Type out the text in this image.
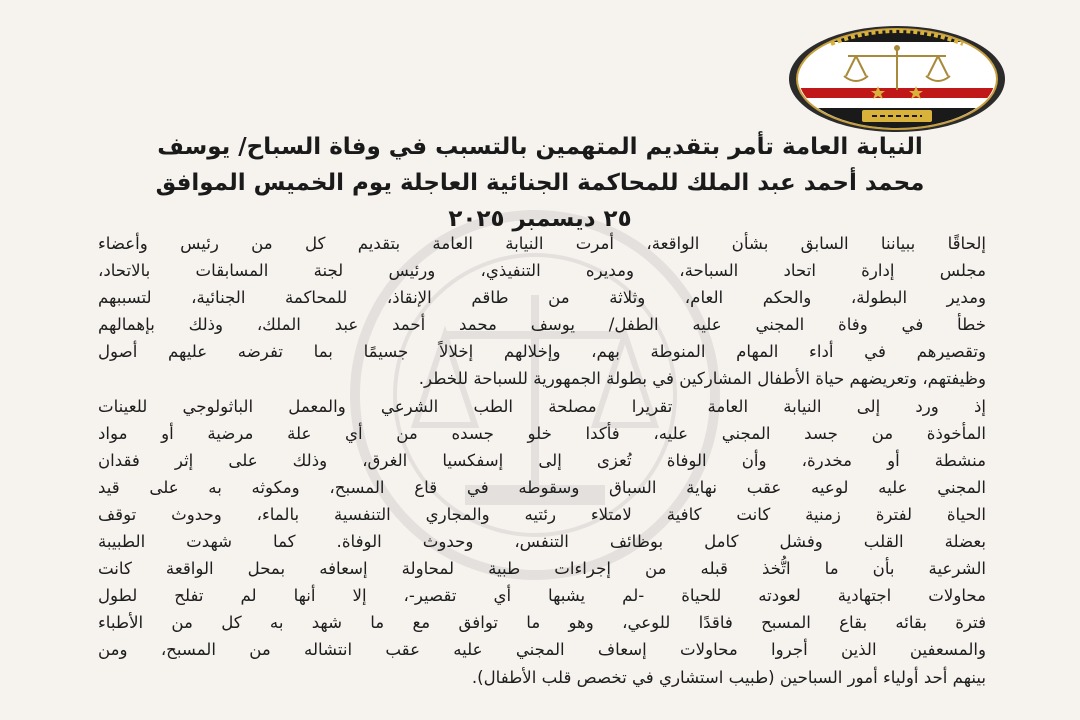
النيابة العامة تأمر بتقديم المتهمين بالتسبب في وفاة السباح/ يوسف
محمد أحمد عبد الملك للمحاكمة الجنائية العاجلة يوم الخميس الموافق
٢٥ ديسمبر ٢٠٢٥
إلحاقًا ببياننا السابق بشأن الواقعة، أمرت النيابة العامة بتقديم كل من رئيس وأعضاء
مجلس إدارة اتحاد السباحة، ومديره التنفيذي، ورئيس لجنة المسابقات بالاتحاد،
ومدير البطولة، والحكم العام، وثلاثة من طاقم الإنقاذ، للمحاكمة الجنائية، لتسببهم
خطأ في وفاة المجني عليه الطفل/ يوسف محمد أحمد عبد الملك، وذلك بإهمالهم
وتقصيرهم في أداء المهام المنوطة بهم، وإخلالهم إخلالاً جسيمًا بما تفرضه عليهم أصول
وظيفتهم، وتعريضهم حياة الأطفال المشاركين في بطولة الجمهورية للسباحة للخطر.
إذ ورد إلى النيابة العامة تقريرا مصلحة الطب الشرعي والمعمل الباثولوجي للعينات
المأخوذة من جسد المجني عليه، فأكدا خلو جسده من أي علة مرضية أو مواد
منشطة أو مخدرة، وأن الوفاة تُعزى إلى إسفكسيا الغرق، وذلك على إثر فقدان
المجني عليه لوعيه عقب نهاية السباق وسقوطه في قاع المسبح، ومكوثه به على قيد
الحياة لفترة زمنية كانت كافية لامتلاء رئتيه والمجاري التنفسية بالماء، وحدوث توقف
بعضلة القلب وفشل كامل بوظائف التنفس، وحدوث الوفاة. كما شهدت الطبيبة
الشرعية بأن ما اتُّخذ قبله من إجراءات طبية لمحاولة إسعافه بمحل الواقعة كانت
محاولات اجتهادية لعودته للحياة -لم يشبها أي تقصير-، إلا أنها لم تفلح لطول
فترة بقائه بقاع المسبح فاقدًا للوعي، وهو ما توافق مع ما شهد به كل من الأطباء
والمسعفين الذين أجروا محاولات إسعاف المجني عليه عقب انتشاله من المسبح، ومن
بينهم أحد أولياء أمور السباحين (طبيب استشاري في تخصص قلب الأطفال).
